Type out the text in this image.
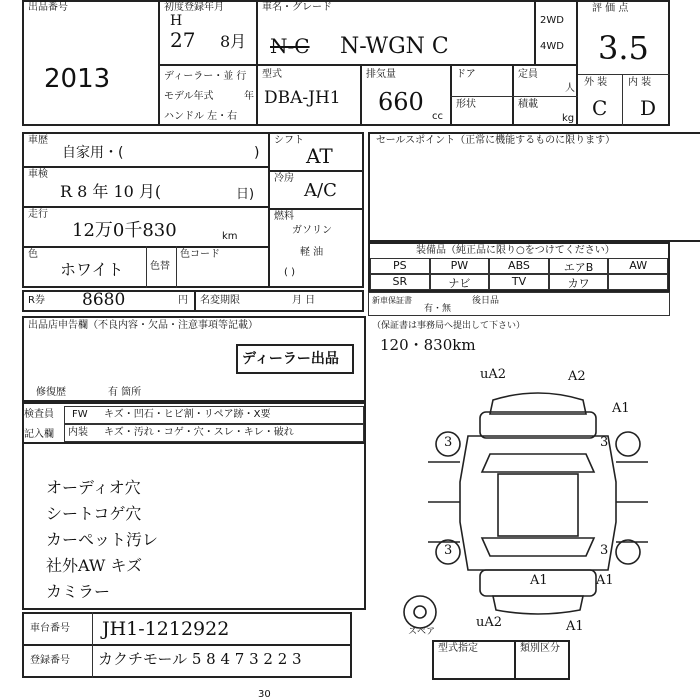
出品番号
2013
初度登録年月
H
27 8月
車名・グレード
N-C N-WGN C
2WD
4WD
評 価 点
3.5
外 装 内 装
C D
ディーラー・並 行
モデル年式	年
ハンドル 左・右
型式
DBA-JH1
排気量
660
cc
ドア
形状
定員
人
積載
kg
車歴
自家用・(	)
車検
R 8 年 10 月(	日)
走行
12万0千830	km
色
ホワイト	色替
色コード
シフト
AT
冷房
A/C
燃料
ガソリン
軽 油
( )
R券 8680	円 名変期限	月 日
セールスポイント（正常に機能するものに限ります）
装備品（純正品に限り○をつけてください）
PS	PW	ABS	エアB	AW
SR	ナビ	TV	カワ
新車保証書
有・無
後日品
（保証書は事務局へ提出して下さい）
120・830km
出品店申告欄（不良内容・欠品・注意事項等記載）
ディーラー出品
修復歴	有 箇所
検査員
記入欄
FW キズ・凹石・ヒビ割・リペア跡・X要
内装 キズ・汚れ・コゲ・穴・スレ・キレ・破れ
オーディオ穴
シートコゲ穴
カーペット汚レ
社外AW キズ
カミラー
uA2	A2
A1
3	3
3	3
A1	A1
uA2	A1
スペア
車台番号 JH1-1212922
登録番号 カクチモール 5 8 4 7 3 2 2 3
型式指定	類別区分
30
